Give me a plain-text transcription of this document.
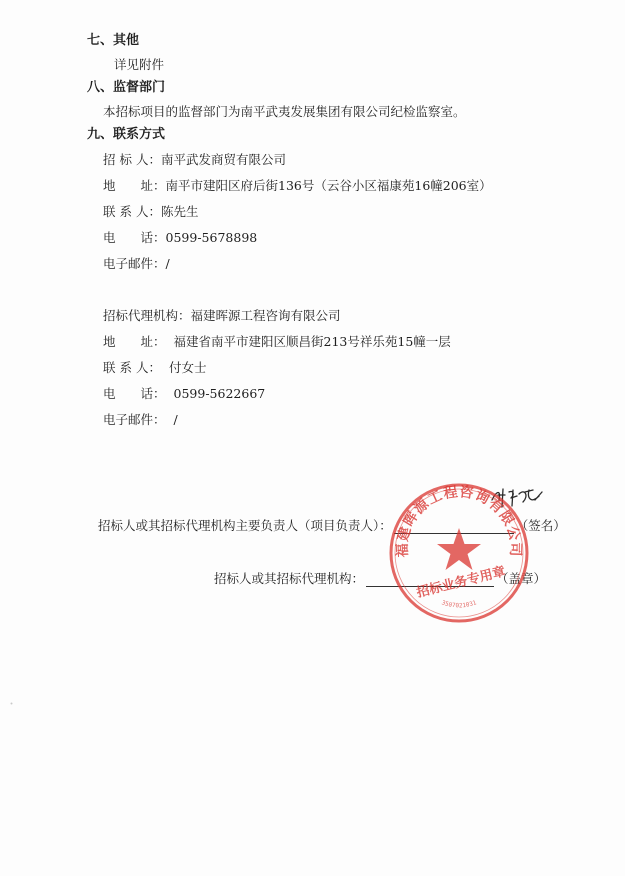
七、其他
详见附件
八、监督部门
本招标项目的监督部门为南平武夷发展集团有限公司纪检监察室。
九、联系方式
招 标 人：南平武发商贸有限公司
地　　址：南平市建阳区府后街136号（云谷小区福康苑16幢206室）
联 系 人：陈先生
电　　话：0599-5678898
电子邮件：/
招标代理机构：福建晖源工程咨询有限公司
地　　址： 福建省南平市建阳区顺昌街213号祥乐苑15幢一层
联 系 人： 付女士
电　　话： 0599-5622667
电子邮件： /
招标人或其招标代理机构主要负责人（项目负责人）：	（签名）
招标人或其招标代理机构：	（盖章）
福建晖源工程咨询有限公司
招标业务专用章
3507021031
